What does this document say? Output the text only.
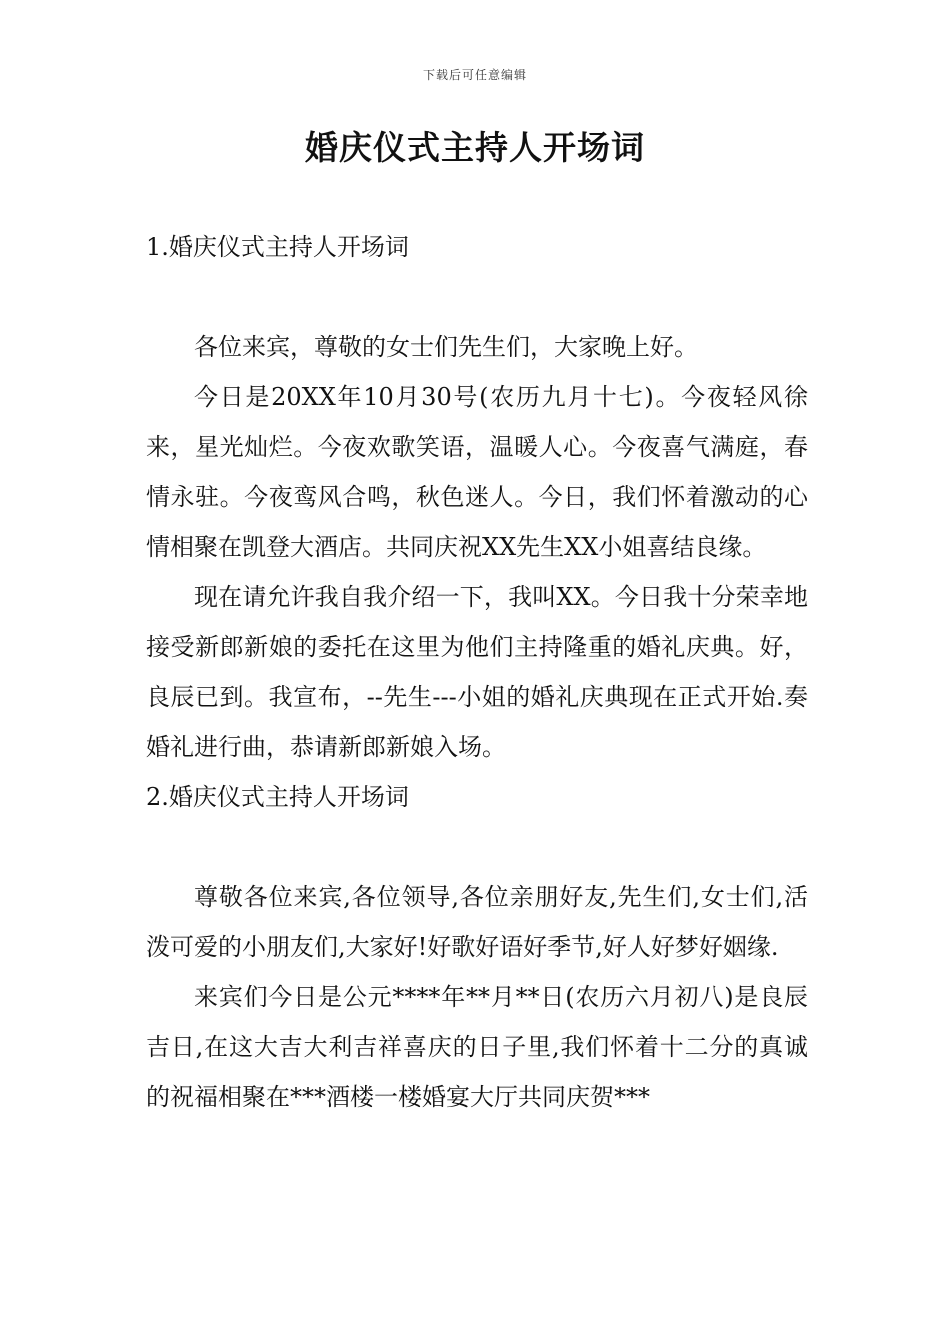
下载后可任意编辑
婚庆仪式主持人开场词
1.婚庆仪式主持人开场词

各位来宾，尊敬的女士们先生们，大家晚上好。

今日是20XX年10月30号(农历九月十七)。今夜轻风徐来，星光灿烂。今夜欢歌笑语，温暖人心。今夜喜气满庭，春情永驻。今夜鸾风合鸣，秋色迷人。今日，我们怀着激动的心情相聚在凯登大酒店。共同庆祝XX先生XX小姐喜结良缘。

现在请允许我自我介绍一下，我叫XX。今日我十分荣幸地接受新郎新娘的委托在这里为他们主持隆重的婚礼庆典。好，良辰已到。我宣布，--先生---小姐的婚礼庆典现在正式开始.奏婚礼进行曲，恭请新郎新娘入场。

2.婚庆仪式主持人开场词

尊敬各位来宾,各位领导,各位亲朋好友,先生们,女士们,活泼可爱的小朋友们,大家好!好歌好语好季节,好人好梦好姻缘.

来宾们今日是公元****年**月**日(农历六月初八)是良辰吉日,在这大吉大利吉祥喜庆的日子里,我们怀着十二分的真诚的祝福相聚在***酒楼一楼婚宴大厅共同庆贺***
